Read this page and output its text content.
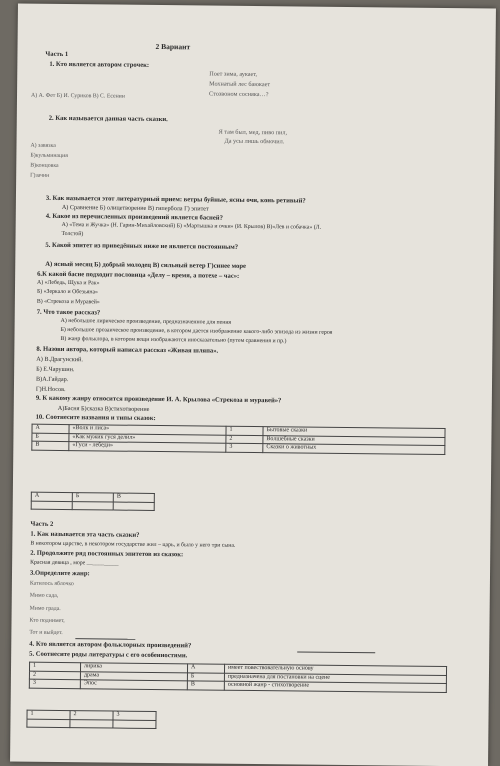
2 Вариант
Часть 1
1. Кто является автором строчек:
Поет зима, аукает,
Мохнатый лес баюкает
Стозвоном сосняка…?
А) А. Фет Б) И. Суриков В) С. Есенин
2. Как называется данная часть сказки.
Я там был, мед, пиво пил,
Да усы лишь обмочил.
А) завязка
Б)кульминация
В)концовка
Г)зачин
3. Как называется этот литературный прием: ветры буйные, ясны очи, конь ретивый?
А) Сравнение Б) олицетворение В) гипербола Г) эпитет
4. Какое из перечисленных произведений является басней?
А) «Тема и Жучка» (Н. Гарин-Михайловский) Б) «Мартышка и очки» (И. Крылов) В)«Лев и собачка» (Л.
Толстой)
5. Какой эпитет из приведённых ниже не является постоянным?
А) ясный месяц Б) добрый молодец В) сильный ветер Г)синее море
6.К какой басне подходит пословица «Делу – время, а потехе – час»:
А) «Лебедь, Щука и Рак»
Б) «Зеркало и Обезьяна»
В) «Стрекоза и Муравей»
7. Что такое рассказ?
А) небольшое лирическое произведение, предназначенное для пения
Б) небольшое прозаическое произведение, в котором дается изображение какого-либо эпизода из жизни героя
В) жанр фольклора, в котором вещи изображаются иносказательно (путем сравнения и пр.)
8. Назови автора, который написал рассказ «Живая шляпа».
А) В.Драгунский.
Б) Е.Чарушин.
В)А.Гайдар.
Г)Н.Носов.
9. К какому жанру относится произведение И. А. Крылова «Стрекоза и муравей»?
А)Басня Б)сказка В)стихотворение
10. Соотнесите названия и типы сказок:
А	«Волк и лиса»	1	Бытовые сказки
Б	«Как мужик гуся делил»	2	Волшебные сказки
В	«Гуси - лебеди»	3	Сказки о животных
А	Б	В

Часть 2
1. Как называется эта часть сказки?
В некотором царстве, в некотором государстве жил – царь, и было у него три сына.
2. Продолжите ряд постоянных эпитетов из сказок:
Красная девица , море ___________
3.Определите жанр:
Катилось яблочко
Мимо сада,
Мимо града.
Кто поднимет,
Тот и выйдет.
4. Кто является автором фольклорных произведений?
5. Соотнесите роды литературы с его особенностями.
1	лирика	А	имеет повествовательную основу
2	драма	Б	предназначена для постановки на сцене
3	Эпос	В	основной жанр - стихотворение
1	2	3
